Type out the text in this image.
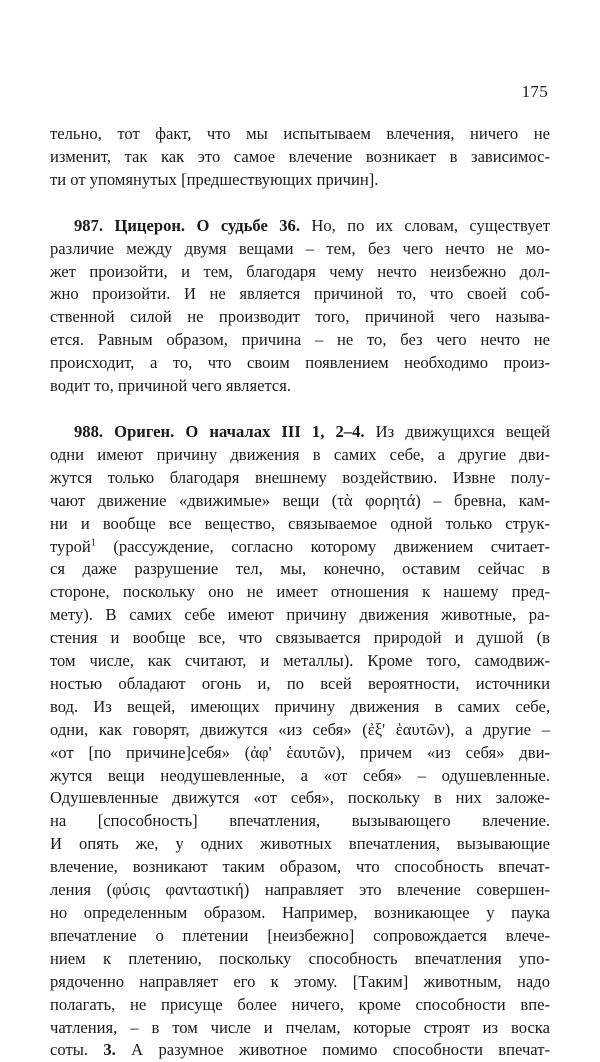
175
тельно, тот факт, что мы испытываем влечения, ничего не
изменит, так как это самое влечение возникает в зависимос-
ти от упомянутых [предшествующих причин].
987. Цицерон. О судьбе 36. Но, по их словам, существует
различие между двумя вещами – тем, без чего нечто не мо-
жет произойти, и тем, благодаря чему нечто неизбежно дол-
жно произойти. И не является причиной то, что своей соб-
ственной силой не производит того, причиной чего называ-
ется. Равным образом, причина – не то, без чего нечто не
происходит, а то, что своим появлением необходимо произ-
водит то, причиной чего является.
988. Ориген. О началах III 1, 2–4. Из движущихся вещей
одни имеют причину движения в самих себе, а другие дви-
жутся только благодаря внешнему воздействию. Извне полу-
чают движение «движимые» вещи (τὰ φορητά) – бревна, кам-
ни и вообще все вещество, связываемое одной только струк-
турой$^1$ (рассуждение, согласно которому движением считает-
ся даже разрушение тел, мы, конечно, оставим сейчас в
стороне, поскольку оно не имеет отношения к нашему пред-
мету). В самих себе имеют причину движения животные, ра-
стения и вообще все, что связывается природой и душой (в
том числе, как считают, и металлы). Кроме того, самодвиж-
ностью обладают огонь и, по всей вероятности, источники
вод. Из вещей, имеющих причину движения в самих себе,
одни, как говорят, движутся «из себя» (ἐξ' ἑαυτῶν), а другие –
«от [по причине]себя» (ἀφ' ἑαυτῶν), причем «из себя» дви-
жутся вещи неодушевленные, а «от себя» – одушевленные.
Одушевленные движутся «от себя», поскольку в них заложе-
на [способность] впечатления, вызывающего влечение.
И опять же, у одних животных впечатления, вызывающие
влечение, возникают таким образом, что способность впечат-
ления (φύσις φανταστική) направляет это влечение совершен-
но определенным образом. Например, возникающее у паука
впечатление о плетении [неизбежно] сопровождается влече-
нием к плетению, поскольку способность впечатления упо-
рядоченно направляет его к этому. [Таким] животным, надо
полагать, не присуще более ничего, кроме способности впе-
чатления, – в том числе и пчелам, которые строят из воска
соты. 3. А разумное животное помимо способности впечат-
